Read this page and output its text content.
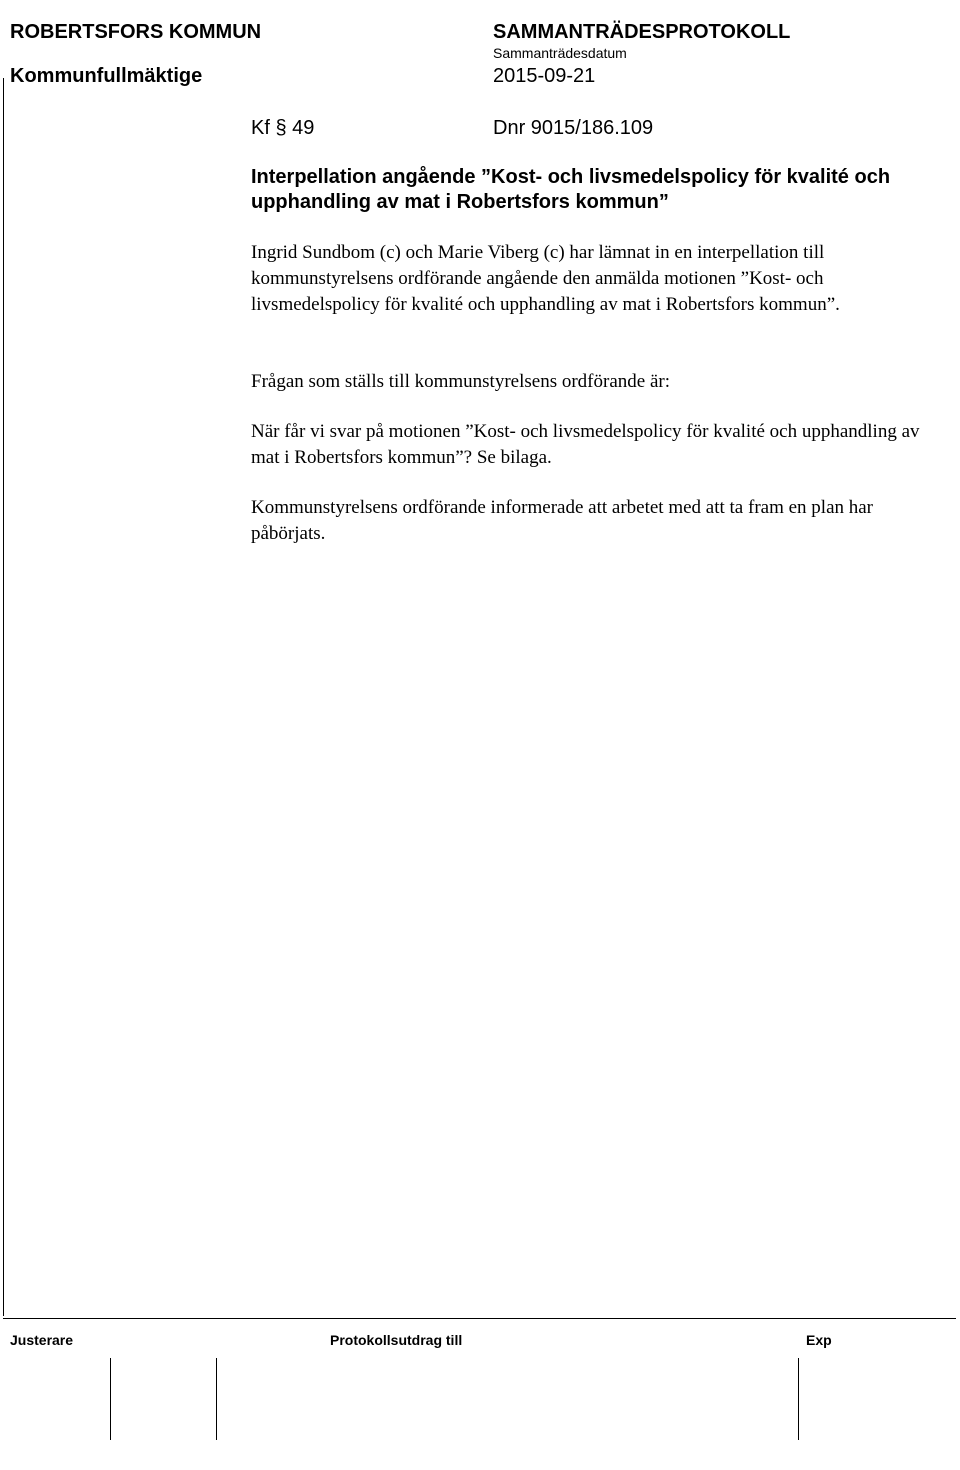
ROBERTSFORS KOMMUN
Kommunfullmäktige
SAMMANTRÄDESPROTOKOLL
Sammanträdesdatum
2015-09-21
Kf § 49	Dnr 9015/186.109
Interpellation angående ”Kost- och livsmedelspolicy för kvalité och upphandling av mat i Robertsfors kommun”
Ingrid Sundbom (c) och Marie Viberg (c) har lämnat in en interpellation till kommunstyrelsens ordförande angående den anmälda motionen ”Kost- och livsmedelspolicy för kvalité och upphandling av mat i Robertsfors kommun”.
Frågan som ställs till kommunstyrelsens ordförande är:
När får vi svar på motionen ”Kost- och livsmedelspolicy för kvalité och upphandling av mat i Robertsfors kommun”? Se bilaga.
Kommunstyrelsens ordförande informerade att arbetet med att ta fram en plan har påbörjats.
Justerare	Protokollsutdrag till	Exp
